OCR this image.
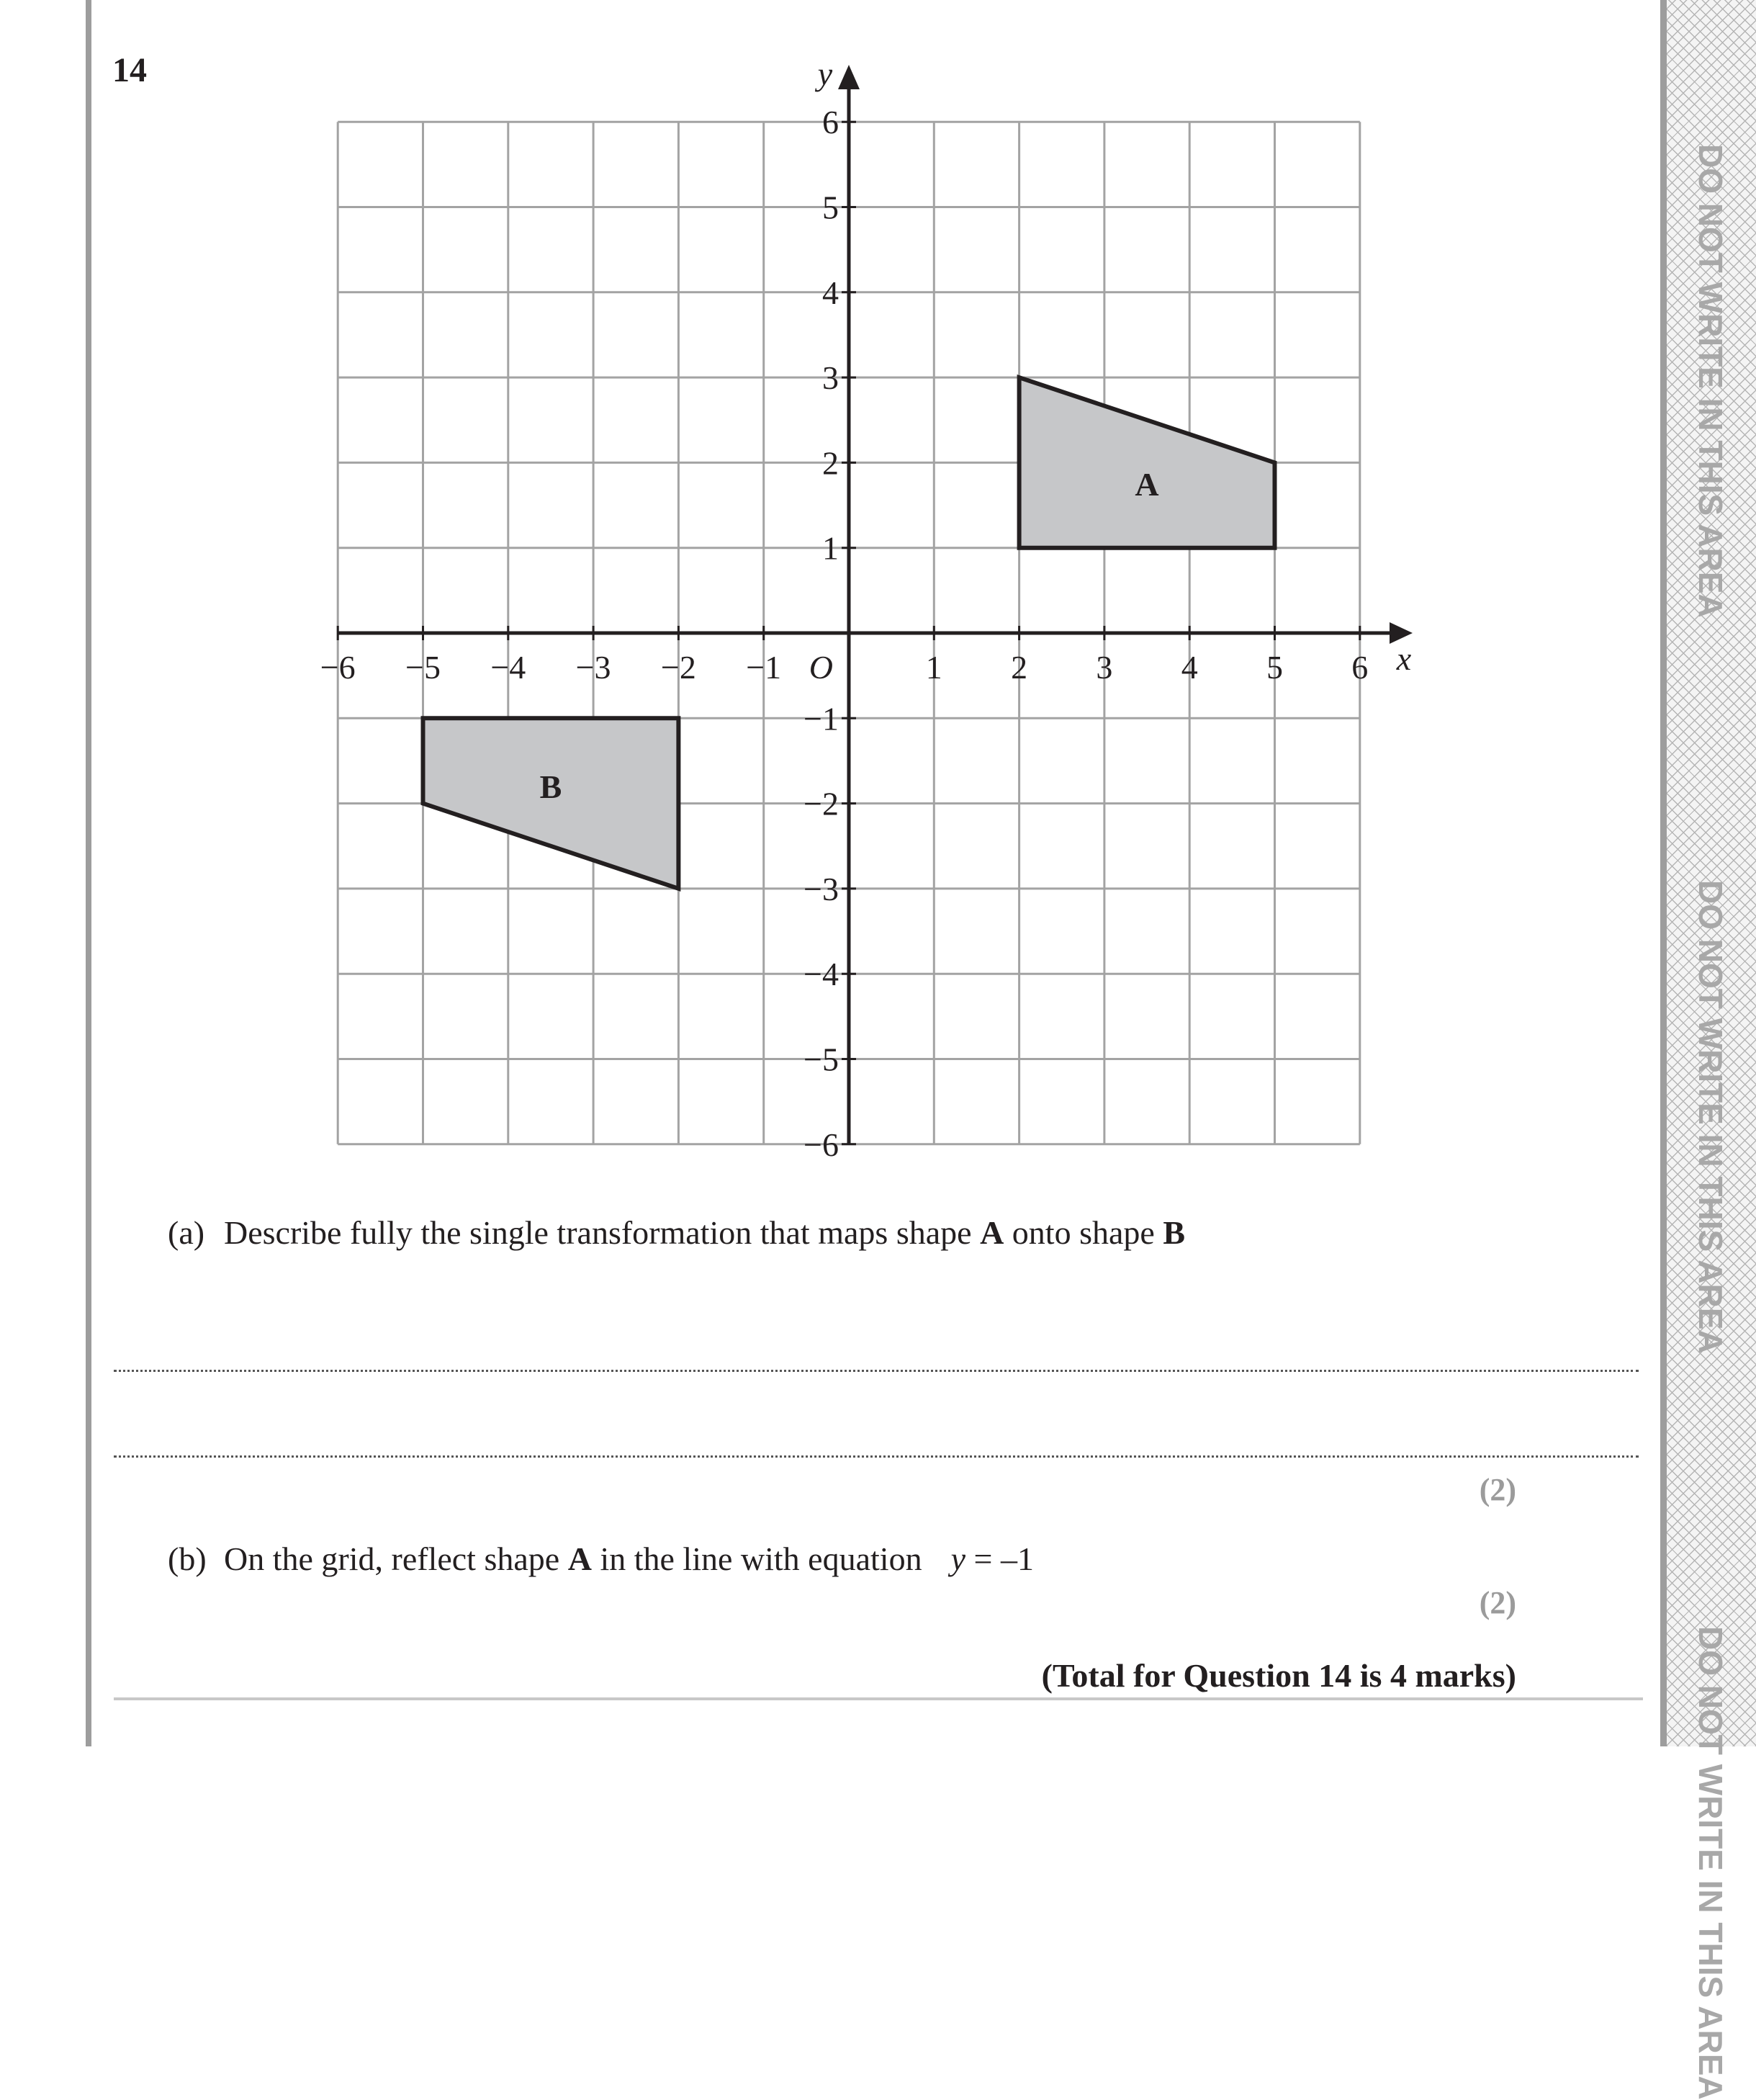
DO NOT WRITE IN THIS AREA
DO NOT WRITE IN THIS AREA
DO NOT WRITE IN THIS AREA
14
A
B
−6 −5 −4 −3 −2 −1	1 2 3 4 5 6
6
5
4
3
2
1
−1
−2
−3
−4
−5
−6
O	x
y
(a) Describe fully the single transformation that maps shape A onto shape B
(2)
(b) On the grid, reflect shape A in the line with equation y = –1
(2)
(Total for Question 14 is 4 marks)
